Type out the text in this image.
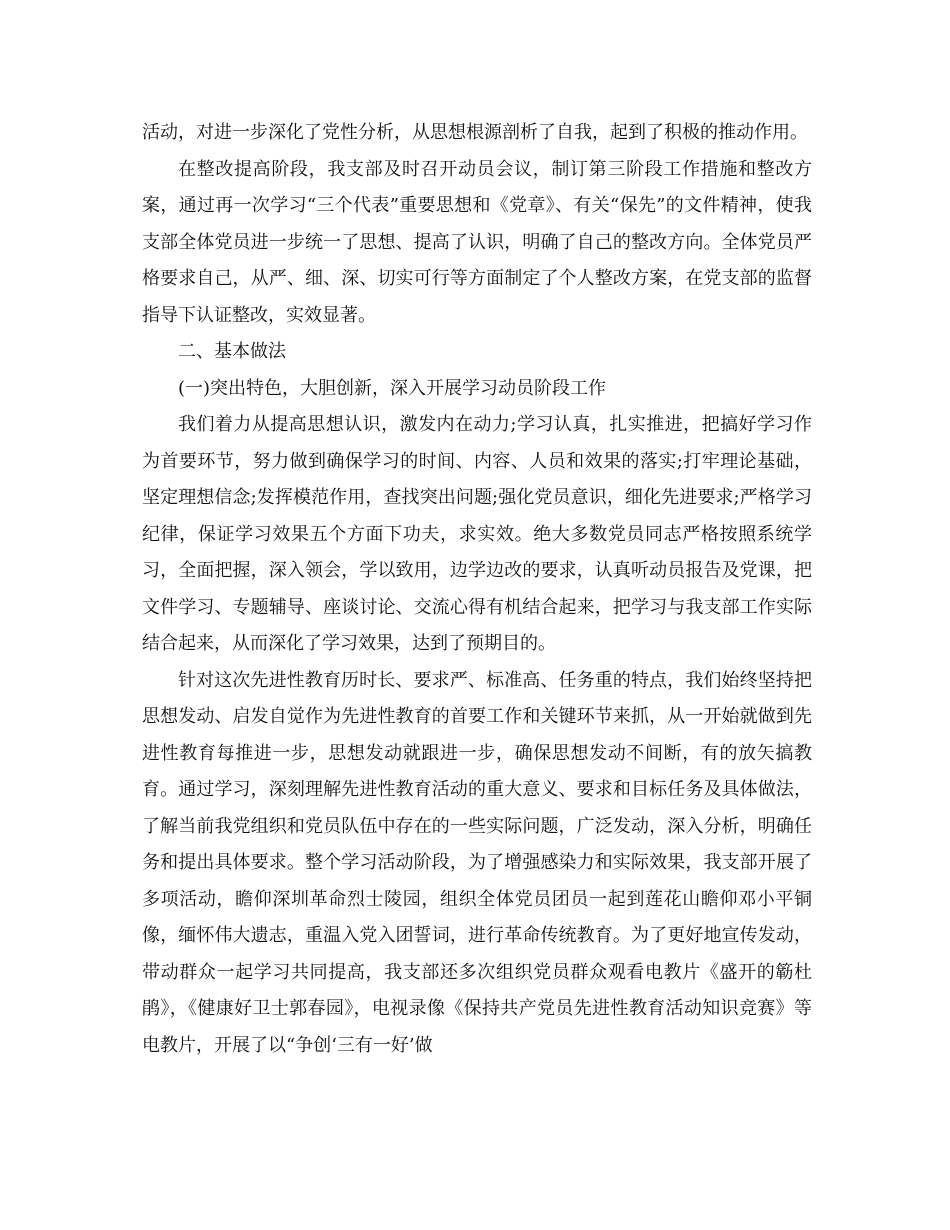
活动，对进一步深化了党性分析，从思想根源剖析了自我，起到了积极的推动作用。

在整改提高阶段，我支部及时召开动员会议，制订第三阶段工作措施和整改方案，通过再一次学习“三个代表”重要思想和《党章》、有关“保先”的文件精神，使我支部全体党员进一步统一了思想、提高了认识，明确了自己的整改方向。全体党员严格要求自己，从严、细、深、切实可行等方面制定了个人整改方案，在党支部的监督指导下认证整改，实效显著。

二、基本做法

(一)突出特色，大胆创新，深入开展学习动员阶段工作

我们着力从提高思想认识，激发内在动力;学习认真，扎实推进，把搞好学习作为首要环节，努力做到确保学习的时间、内容、人员和效果的落实;打牢理论基础，坚定理想信念;发挥模范作用，查找突出问题;强化党员意识，细化先进要求;严格学习纪律，保证学习效果五个方面下功夫，求实效。绝大多数党员同志严格按照系统学习，全面把握，深入领会，学以致用，边学边改的要求，认真听动员报告及党课，把文件学习、专题辅导、座谈讨论、交流心得有机结合起来，把学习与我支部工作实际结合起来，从而深化了学习效果，达到了预期目的。

针对这次先进性教育历时长、要求严、标准高、任务重的特点，我们始终坚持把思想发动、启发自觉作为先进性教育的首要工作和关键环节来抓，从一开始就做到先进性教育每推进一步，思想发动就跟进一步，确保思想发动不间断，有的放矢搞教育。通过学习，深刻理解先进性教育活动的重大意义、要求和目标任务及具体做法，了解当前我党组织和党员队伍中存在的一些实际问题，广泛发动，深入分析，明确任务和提出具体要求。整个学习活动阶段，为了增强感染力和实际效果，我支部开展了多项活动，瞻仰深圳革命烈士陵园，组织全体党员团员一起到莲花山瞻仰邓小平铜像，缅怀伟大遗志，重温入党入团誓词，进行革命传统教育。为了更好地宣传发动，带动群众一起学习共同提高，我支部还多次组织党员群众观看电教片《盛开的簕杜鹃》，《健康好卫士郭春园》，电视录像《保持共产党员先进性教育活动知识竞赛》等电教片，开展了以“争创‘三有一好’做
